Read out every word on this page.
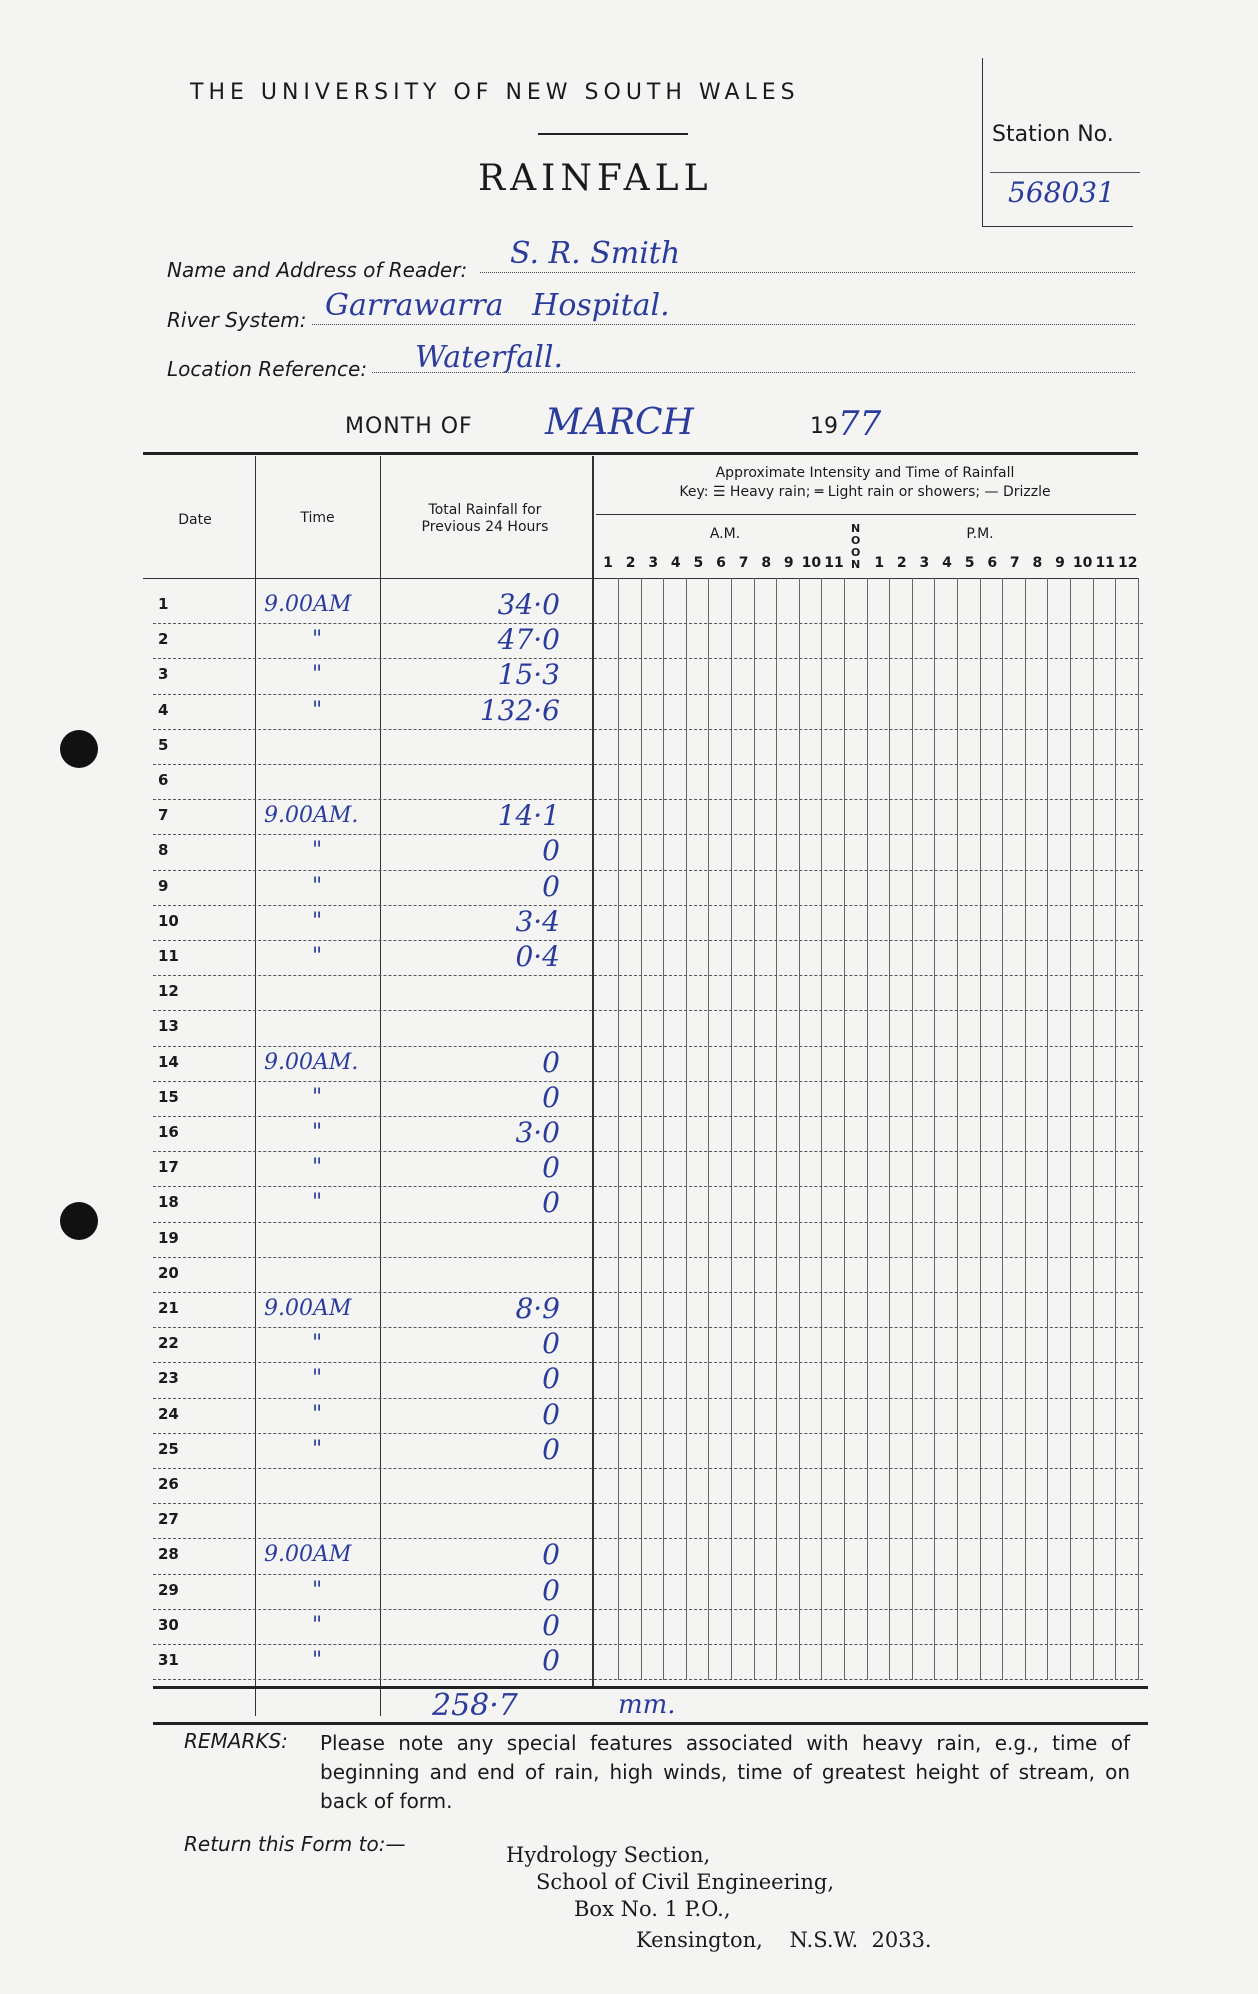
THE UNIVERSITY OF NEW SOUTH WALES
RAINFALL
Station No.
568031
Name and Address of Reader: S. R. Smith
River System: Garrawarra   Hospital.
Location Reference: Waterfall.
MONTH OF MARCH	19 77
Date	Time	Total Rainfall for Previous 24 Hours
Approximate Intensity and Time of Rainfall
Key: ☰ Heavy rain; ═ Light rain or showers; — Drizzle
A.M.	P.M.
NOON
1 2 3 4 5 6 7 8 9 10 11	1 2 3 4 5 6 7 8 9 10 11 12
1	9.00AM	34·0
2	"	47·0
3	"	15·3
4	"	132·6
5
6
7	9.00AM.	14·1
8	"	0
9	"	0
10	"	3·4
11	"	0·4
12
13
14	9.00AM.	0
15	"	0
16	"	3·0
17	"	0
18	"	0
19
20
21	9.00AM	8·9
22	"	0
23	"	0
24	"	0
25	"	0
26
27
28	9.00AM	0
29	"	0
30	"	0
31	"	0
258·7	mm.
REMARKS: Please note any special features associated with heavy rain, e.g., time of beginning and end of rain, high winds, time of greatest height of stream, on back of form.
Return this Form to:—	Hydrology Section,
School of Civil Engineering,
Box No. 1 P.O.,
Kensington,    N.S.W.  2033.
